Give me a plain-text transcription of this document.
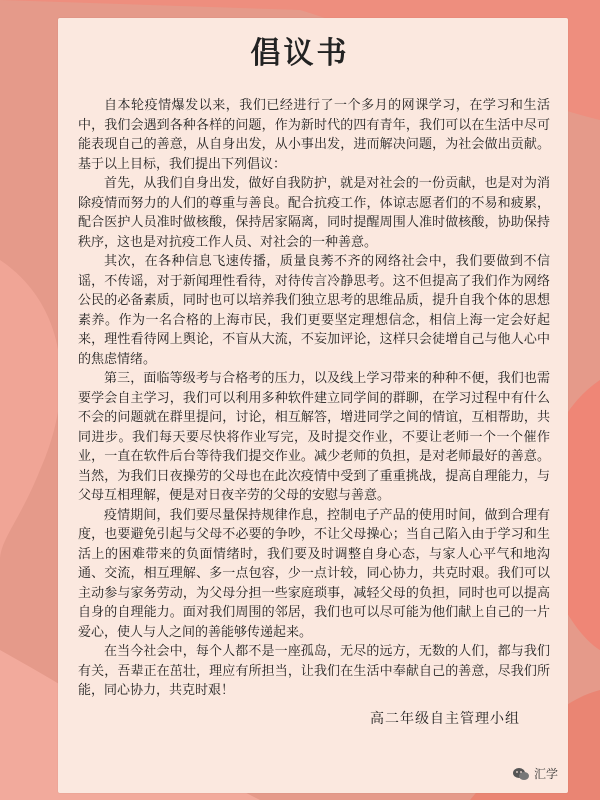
倡议书

自本轮疫情爆发以来，我们已经进行了一个多月的网课学习，在学习和生活中，我们会遇到各种各样的问题，作为新时代的四有青年，我们可以在生活中尽可能表现自己的善意，从自身出发，从小事出发，进而解决问题，为社会做出贡献。基于以上目标，我们提出下列倡议：

首先，从我们自身出发，做好自我防护，就是对社会的一份贡献，也是对为消除疫情而努力的人们的尊重与善良。配合抗疫工作，体谅志愿者们的不易和疲累，配合医护人员准时做核酸，保持居家隔离，同时提醒周围人准时做核酸，协助保持秩序，这也是对抗疫工作人员、对社会的一种善意。

其次，在各种信息飞速传播，质量良莠不齐的网络社会中，我们要做到不信谣，不传谣，对于新闻理性看待，对待传言冷静思考。这不但提高了我们作为网络公民的必备素质，同时也可以培养我们独立思考的思维品质，提升自我个体的思想素养。作为一名合格的上海市民，我们更要坚定理想信念，相信上海一定会好起来，理性看待网上舆论，不盲从大流，不妄加评论，这样只会徒增自己与他人心中的焦虑情绪。

第三，面临等级考与合格考的压力，以及线上学习带来的种种不便，我们也需要学会自主学习，我们可以利用多种软件建立同学间的群聊，在学习过程中有什么不会的问题就在群里提问，讨论，相互解答，增进同学之间的情谊，互相帮助，共同进步。我们每天要尽快将作业写完，及时提交作业，不要让老师一个一个催作业，一直在软件后台等待我们提交作业。减少老师的负担，是对老师最好的善意。当然，为我们日夜操劳的父母也在此次疫情中受到了重重挑战，提高自理能力，与父母互相理解，便是对日夜辛劳的父母的安慰与善意。

疫情期间，我们要尽量保持规律作息，控制电子产品的使用时间，做到合理有度，也要避免引起与父母不必要的争吵，不让父母操心；当自己陷入由于学习和生活上的困难带来的负面情绪时，我们要及时调整自身心态，与家人心平气和地沟通、交流，相互理解、多一点包容，少一点计较，同心协力，共克时艰。我们可以主动参与家务劳动，为父母分担一些家庭琐事，减轻父母的负担，同时也可以提高自身的自理能力。面对我们周围的邻居，我们也可以尽可能为他们献上自己的一片爱心，使人与人之间的善能够传递起来。

在当今社会中，每个人都不是一座孤岛，无尽的远方，无数的人们，都与我们有关，吾辈正在茁壮，理应有所担当，让我们在生活中奉献自己的善意，尽我们所能，同心协力，共克时艰！

高二年级自主管理小组
汇学
